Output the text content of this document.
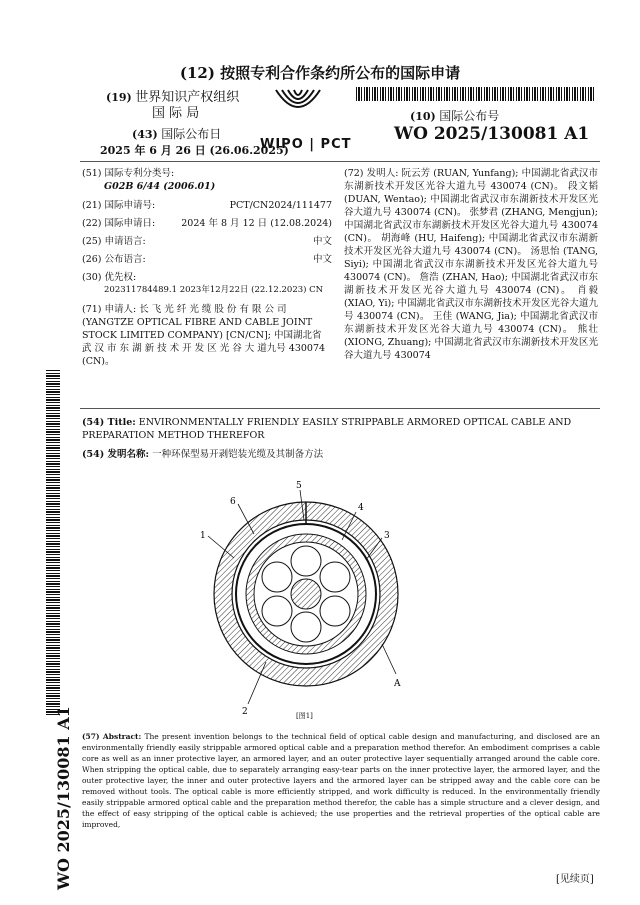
(12) 按照专利合作条约所公布的国际申请
(19) 世界知识产权组织
国 际 局
(43) 国际公布日
2025 年 6 月 26 日 (26.06.2025)
WIPO | PCT
(10) 国际公布号
WO 2025/130081 A1
(51) 国际专利分类号:
G02B 6/44 (2006.01)
(21) 国际申请号:	PCT/CN2024/111477
(22) 国际申请日:	2024 年 8 月 12 日 (12.08.2024)
(25) 申请语言:	中文
(26) 公布语言:	中文
(30) 优先权:
202311784489.1 2023年12月22日 (22.12.2023) CN
(71) 申请人: 长 飞 光 纤 光 缆 股 份 有 限 公 司(YANGTZE OPTICAL FIBRE AND CABLE JOINT STOCK LIMITED COMPANY) [CN/CN]; 中国湖北省 武 汉 市 东 湖 新 技 术 开 发 区 光 谷 大 道九号 430074 (CN)。
(72) 发明人: 阮云芳 (RUAN, Yunfang); 中国湖北省武汉市东湖新技术开发区光谷大道九号 430074 (CN)。 段文韬 (DUAN, Wentao); 中国湖北省武汉市东湖新技术开发区光谷大道九号 430074 (CN)。 张梦君 (ZHANG, Mengjun); 中国湖北省武汉市东湖新技术开发区光谷大道九号 430074 (CN)。 胡海峰 (HU, Haifeng); 中国湖北省武汉市东湖新技术开发区光谷大道九号 430074 (CN)。 汤思怡 (TANG, Siyi); 中国湖北省武汉市东湖新技术开发区光谷大道九号 430074 (CN)。 詹浩 (ZHAN, Hao); 中国湖北省武汉市东湖新技术开发区光谷大道九号 430074 (CN)。 肖毅 (XIAO, Yi); 中国湖北省武汉市东湖新技术开发区光谷大道九号 430074 (CN)。 王佳 (WANG, Jia); 中国湖北省武汉市东湖新技术开发区光谷大道九号 430074 (CN)。 熊壮 (XIONG, Zhuang); 中国湖北省武汉市东湖新技术开发区光谷大道九号 430074
(54) Title: ENVIRONMENTALLY FRIENDLY EASILY STRIPPABLE ARMORED OPTICAL CABLE AND PREPARATION METHOD THEREFOR
(54) 发明名称: 一种环保型易开剥铠装光缆及其制备方法
1
6
5
4
3
2
A
[图1]
(57) Abstract: The present invention belongs to the technical field of optical cable design and manufacturing, and disclosed are an environmentally friendly easily strippable armored optical cable and a preparation method therefor. An embodiment comprises a cable core as well as an inner protective layer, an armored layer, and an outer protective layer sequentially arranged around the cable core. When stripping the optical cable, due to separately arranging easy-tear parts on the inner protective layer, the armored layer, and the outer protective layer, the inner and outer protective layers and the armored layer can be stripped away and the cable core can be removed without tools. The optical cable is more efficiently stripped, and work difficulty is reduced. In the environmentally friendly easily strippable armored optical cable and the preparation method therefor, the cable has a simple structure and a clever design, and the effect of easy stripping of the optical cable is achieved; the use properties and the retrieval properties of the optical cable are improved,
WO 2025/130081 A1	[见续页]
